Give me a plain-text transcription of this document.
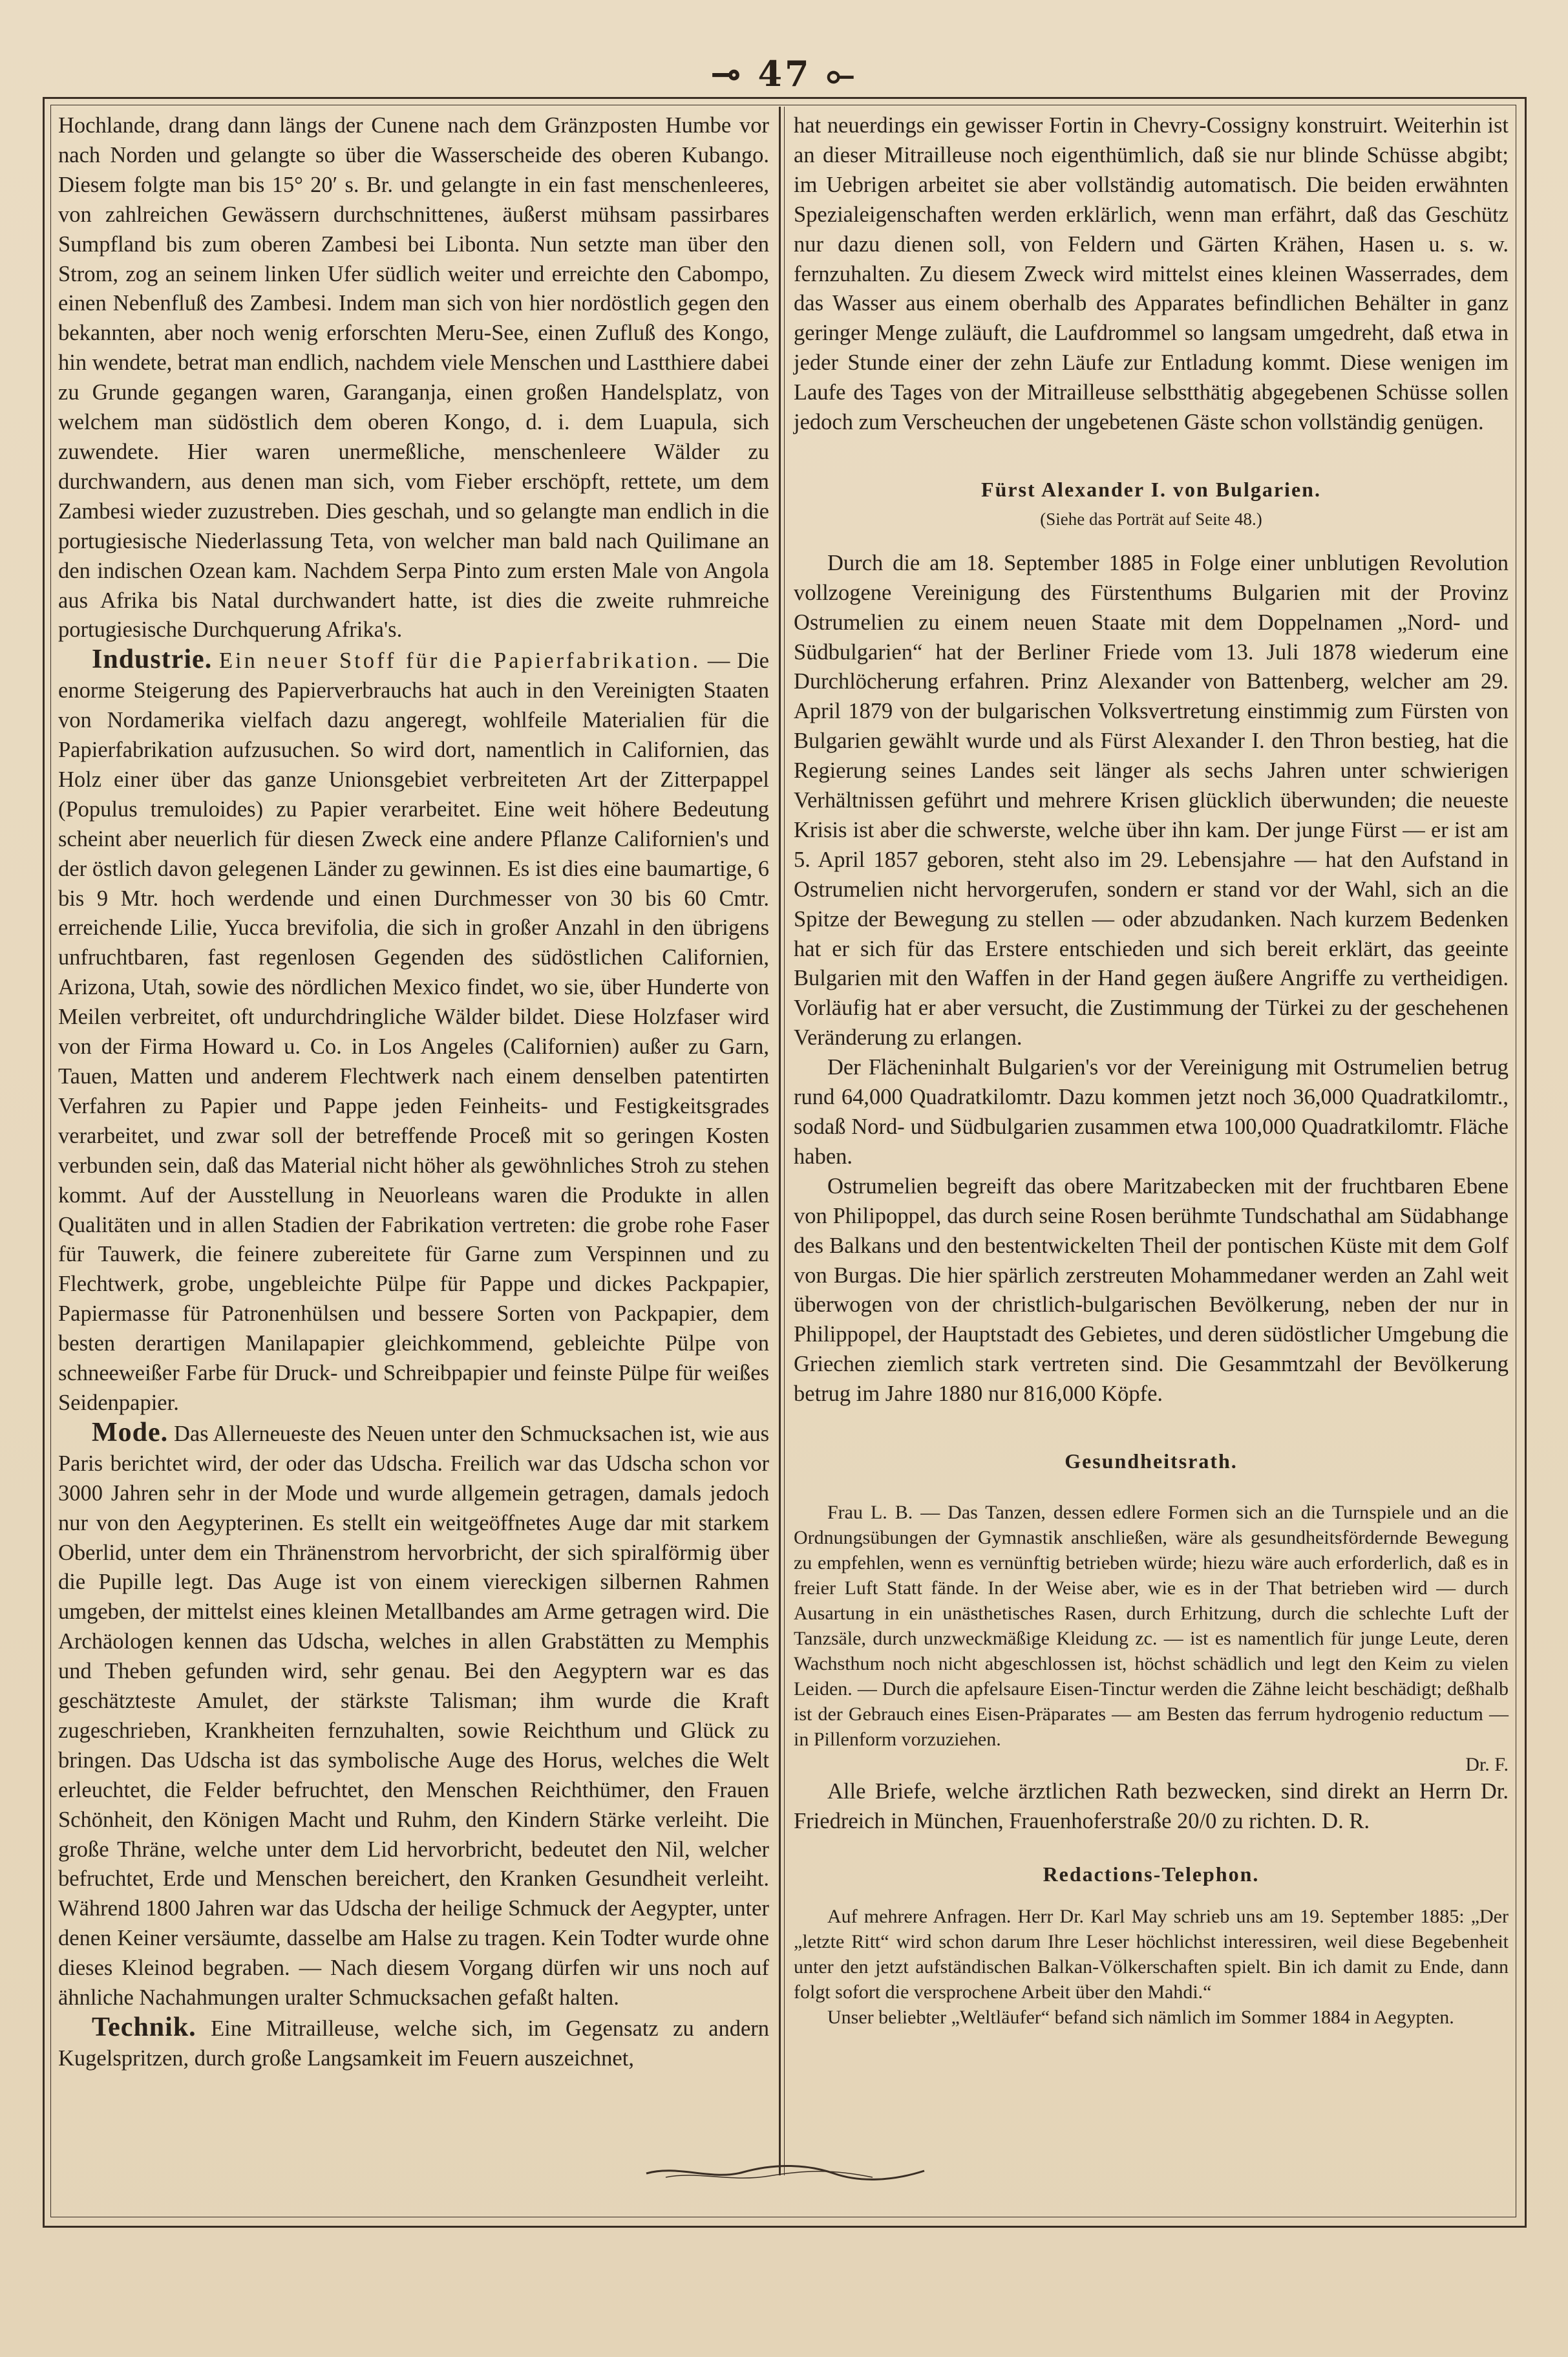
⊸ 47 ⟜

Hochlande, drang dann längs der Cunene nach dem Gränzposten Humbe vor nach Norden und gelangte so über die Wasserscheide des oberen Kubango. Diesem folgte man bis 15° 20′ s. Br. und gelangte in ein fast menschenleeres, von zahlreichen Gewässern durchschnittenes, äußerst mühsam passirbares Sumpfland bis zum oberen Zambesi bei Libonta. Nun setzte man über den Strom, zog an seinem linken Ufer südlich weiter und erreichte den Cabompo, einen Nebenfluß des Zambesi. Indem man sich von hier nordöstlich gegen den bekannten, aber noch wenig erforschten Meru-See, einen Zufluß des Kongo, hin wendete, betrat man endlich, nachdem viele Menschen und Lastthiere dabei zu Grunde gegangen waren, Garanganja, einen großen Handelsplatz, von welchem man südöstlich dem oberen Kongo, d. i. dem Luapula, sich zuwendete. Hier waren unermeßliche, menschenleere Wälder zu durchwandern, aus denen man sich, vom Fieber erschöpft, rettete, um dem Zambesi wieder zuzustreben. Dies geschah, und so gelangte man endlich in die portugiesische Niederlassung Teta, von welcher man bald nach Quilimane an den indischen Ozean kam. Nachdem Serpa Pinto zum ersten Male von Angola aus Afrika bis Natal durchwandert hatte, ist dies die zweite ruhmreiche portugiesische Durchquerung Afrika's.

Industrie. Ein neuer Stoff für die Papierfabrikation. — Die enorme Steigerung des Papierverbrauchs hat auch in den Vereinigten Staaten von Nordamerika vielfach dazu angeregt, wohlfeile Materialien für die Papierfabrikation aufzusuchen. So wird dort, namentlich in Californien, das Holz einer über das ganze Unionsgebiet verbreiteten Art der Zitterpappel (Populus tremuloides) zu Papier verarbeitet. Eine weit höhere Bedeutung scheint aber neuerlich für diesen Zweck eine andere Pflanze Californien's und der östlich davon gelegenen Länder zu gewinnen. Es ist dies eine baumartige, 6 bis 9 Mtr. hoch werdende und einen Durchmesser von 30 bis 60 Cmtr. erreichende Lilie, Yucca brevifolia, die sich in großer Anzahl in den übrigens unfruchtbaren, fast regenlosen Gegenden des südöstlichen Californien, Arizona, Utah, sowie des nördlichen Mexico findet, wo sie, über Hunderte von Meilen verbreitet, oft undurchdringliche Wälder bildet. Diese Holzfaser wird von der Firma Howard u. Co. in Los Angeles (Californien) außer zu Garn, Tauen, Matten und anderem Flechtwerk nach einem denselben patentirten Verfahren zu Papier und Pappe jeden Feinheits- und Festigkeitsgrades verarbeitet, und zwar soll der betreffende Proceß mit so geringen Kosten verbunden sein, daß das Material nicht höher als gewöhnliches Stroh zu stehen kommt. Auf der Ausstellung in Neuorleans waren die Produkte in allen Qualitäten und in allen Stadien der Fabrikation vertreten: die grobe rohe Faser für Tauwerk, die feinere zubereitete für Garne zum Verspinnen und zu Flechtwerk, grobe, ungebleichte Pülpe für Pappe und dickes Packpapier, Papiermasse für Patronenhülsen und bessere Sorten von Packpapier, dem besten derartigen Manilapapier gleichkommend, gebleichte Pülpe von schneeweißer Farbe für Druck- und Schreibpapier und feinste Pülpe für weißes Seidenpapier.

Mode. Das Allerneueste des Neuen unter den Schmucksachen ist, wie aus Paris berichtet wird, der oder das Udscha. Freilich war das Udscha schon vor 3000 Jahren sehr in der Mode und wurde allgemein getragen, damals jedoch nur von den Aegypterinen. Es stellt ein weitgeöffnetes Auge dar mit starkem Oberlid, unter dem ein Thränenstrom hervorbricht, der sich spiralförmig über die Pupille legt. Das Auge ist von einem viereckigen silbernen Rahmen umgeben, der mittelst eines kleinen Metallbandes am Arme getragen wird. Die Archäologen kennen das Udscha, welches in allen Grabstätten zu Memphis und Theben gefunden wird, sehr genau. Bei den Aegyptern war es das geschätzteste Amulet, der stärkste Talisman; ihm wurde die Kraft zugeschrieben, Krankheiten fernzuhalten, sowie Reichthum und Glück zu bringen. Das Udscha ist das symbolische Auge des Horus, welches die Welt erleuchtet, die Felder befruchtet, den Menschen Reichthümer, den Frauen Schönheit, den Königen Macht und Ruhm, den Kindern Stärke verleiht. Die große Thräne, welche unter dem Lid hervorbricht, bedeutet den Nil, welcher befruchtet, Erde und Menschen bereichert, den Kranken Gesundheit verleiht. Während 1800 Jahren war das Udscha der heilige Schmuck der Aegypter, unter denen Keiner versäumte, dasselbe am Halse zu tragen. Kein Todter wurde ohne dieses Kleinod begraben. — Nach diesem Vorgang dürfen wir uns noch auf ähnliche Nachahmungen uralter Schmucksachen gefaßt halten.

Technik. Eine Mitrailleuse, welche sich, im Gegensatz zu andern Kugelspritzen, durch große Langsamkeit im Feuern auszeichnet,

hat neuerdings ein gewisser Fortin in Chevry-Cossigny konstruirt. Weiterhin ist an dieser Mitrailleuse noch eigenthümlich, daß sie nur blinde Schüsse abgibt; im Uebrigen arbeitet sie aber vollständig automatisch. Die beiden erwähnten Spezialeigenschaften werden erklärlich, wenn man erfährt, daß das Geschütz nur dazu dienen soll, von Feldern und Gärten Krähen, Hasen u. s. w. fernzuhalten. Zu diesem Zweck wird mittelst eines kleinen Wasserrades, dem das Wasser aus einem oberhalb des Apparates befindlichen Behälter in ganz geringer Menge zuläuft, die Laufdrommel so langsam umgedreht, daß etwa in jeder Stunde einer der zehn Läufe zur Entladung kommt. Diese wenigen im Laufe des Tages von der Mitrailleuse selbstthätig abgegebenen Schüsse sollen jedoch zum Verscheuchen der ungebetenen Gäste schon vollständig genügen.

Fürst Alexander I. von Bulgarien.

(Siehe das Porträt auf Seite 48.)

Durch die am 18. September 1885 in Folge einer unblutigen Revolution vollzogene Vereinigung des Fürstenthums Bulgarien mit der Provinz Ostrumelien zu einem neuen Staate mit dem Doppelnamen „Nord- und Südbulgarien“ hat der Berliner Friede vom 13. Juli 1878 wiederum eine Durchlöcherung erfahren. Prinz Alexander von Battenberg, welcher am 29. April 1879 von der bulgarischen Volksvertretung einstimmig zum Fürsten von Bulgarien gewählt wurde und als Fürst Alexander I. den Thron bestieg, hat die Regierung seines Landes seit länger als sechs Jahren unter schwierigen Verhältnissen geführt und mehrere Krisen glücklich überwunden; die neueste Krisis ist aber die schwerste, welche über ihn kam. Der junge Fürst — er ist am 5. April 1857 geboren, steht also im 29. Lebensjahre — hat den Aufstand in Ostrumelien nicht hervorgerufen, sondern er stand vor der Wahl, sich an die Spitze der Bewegung zu stellen — oder abzudanken. Nach kurzem Bedenken hat er sich für das Erstere entschieden und sich bereit erklärt, das geeinte Bulgarien mit den Waffen in der Hand gegen äußere Angriffe zu vertheidigen. Vorläufig hat er aber versucht, die Zustimmung der Türkei zu der geschehenen Veränderung zu erlangen.

Der Flächeninhalt Bulgarien's vor der Vereinigung mit Ostrumelien betrug rund 64,000 Quadratkilomtr. Dazu kommen jetzt noch 36,000 Quadratkilomtr., sodaß Nord- und Südbulgarien zusammen etwa 100,000 Quadratkilomtr. Fläche haben.

Ostrumelien begreift das obere Maritzabecken mit der fruchtbaren Ebene von Philipoppel, das durch seine Rosen berühmte Tundschathal am Südabhange des Balkans und den bestentwickelten Theil der pontischen Küste mit dem Golf von Burgas. Die hier spärlich zerstreuten Mohammedaner werden an Zahl weit überwogen von der christlich-bulgarischen Bevölkerung, neben der nur in Philippopel, der Hauptstadt des Gebietes, und deren südöstlicher Umgebung die Griechen ziemlich stark vertreten sind. Die Gesammtzahl der Bevölkerung betrug im Jahre 1880 nur 816,000 Köpfe.

Gesundheitsrath.

Frau L. B. — Das Tanzen, dessen edlere Formen sich an die Turnspiele und an die Ordnungsübungen der Gymnastik anschließen, wäre als gesundheitsfördernde Bewegung zu empfehlen, wenn es vernünftig betrieben würde; hiezu wäre auch erforderlich, daß es in freier Luft Statt fände. In der Weise aber, wie es in der That betrieben wird — durch Ausartung in ein unästhetisches Rasen, durch Erhitzung, durch die schlechte Luft der Tanzsäle, durch unzweckmäßige Kleidung zc. — ist es namentlich für junge Leute, deren Wachsthum noch nicht abgeschlossen ist, höchst schädlich und legt den Keim zu vielen Leiden. — Durch die apfelsaure Eisen-Tinctur werden die Zähne leicht beschädigt; deßhalb ist der Gebrauch eines Eisen-Präparates — am Besten das ferrum hydrogenio reductum — in Pillenform vorzuziehen.

Dr. F.

Alle Briefe, welche ärztlichen Rath bezwecken, sind direkt an Herrn Dr. Friedreich in München, Frauenhoferstraße 20/0 zu richten. D. R.

Redactions-Telephon.

Auf mehrere Anfragen. Herr Dr. Karl May schrieb uns am 19. September 1885: „Der „letzte Ritt“ wird schon darum Ihre Leser höchlichst interessiren, weil diese Begebenheit unter den jetzt aufständischen Balkan-Völkerschaften spielt. Bin ich damit zu Ende, dann folgt sofort die versprochene Arbeit über den Mahdi.“

Unser beliebter „Weltläufer“ befand sich nämlich im Sommer 1884 in Aegypten.
